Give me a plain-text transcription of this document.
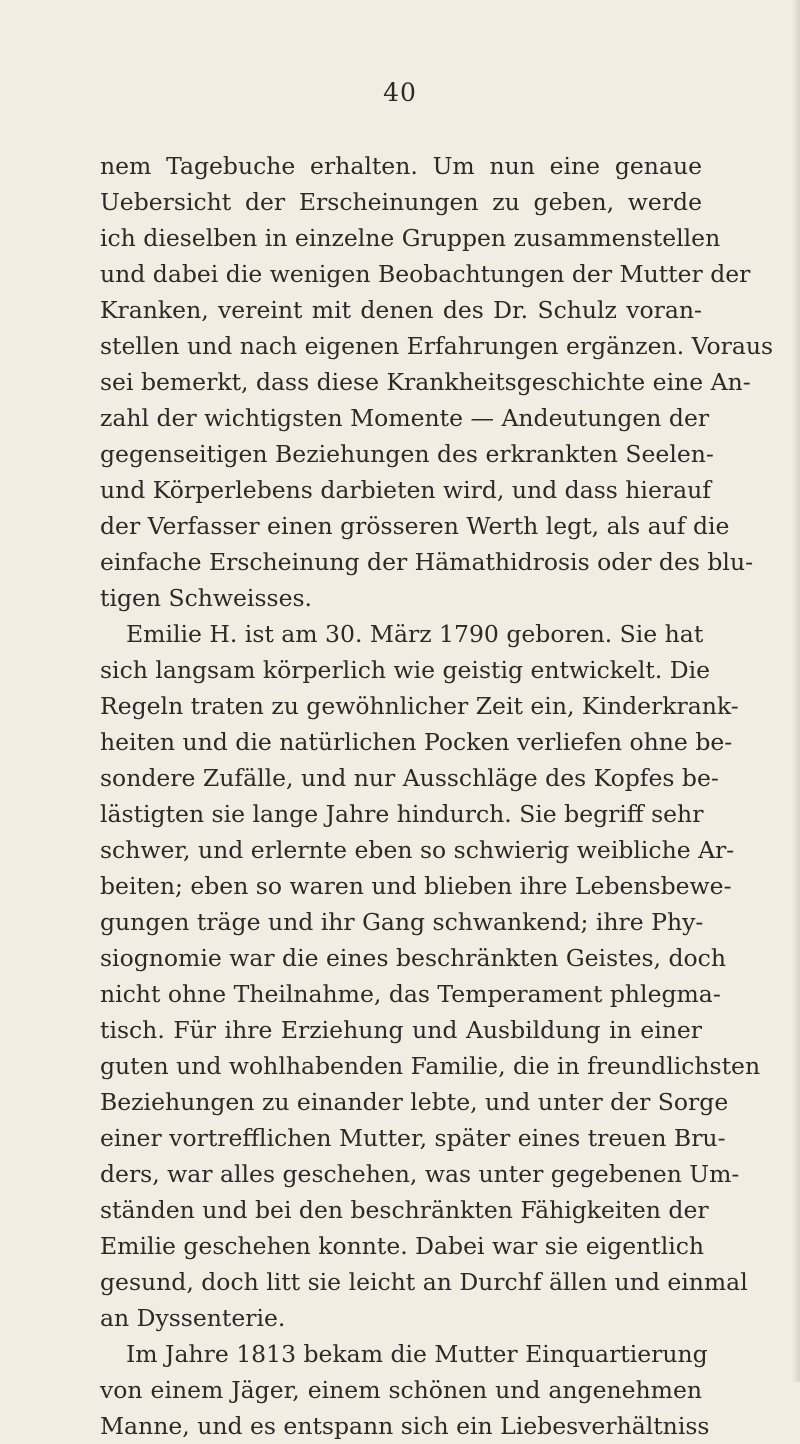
40
nem Tagebuche erhalten. Um nun eine genaue
Uebersicht der Erscheinungen zu geben, werde
ich dieselben in einzelne Gruppen zusammenstellen
und dabei die wenigen Beobachtungen der Mutter der
Kranken, vereint mit denen des Dr. Schulz voran-
stellen und nach eigenen Erfahrungen ergänzen. Voraus
sei bemerkt, dass diese Krankheitsgeschichte eine An-
zahl der wichtigsten Momente — Andeutungen der
gegenseitigen Beziehungen des erkrankten Seelen-
und Körperlebens darbieten wird, und dass hierauf
der Verfasser einen grösseren Werth legt, als auf die
einfache Erscheinung der Hämathidrosis oder des blu-
tigen Schweisses.
Emilie H. ist am 30. März 1790 geboren. Sie hat
sich langsam körperlich wie geistig entwickelt. Die
Regeln traten zu gewöhnlicher Zeit ein, Kinderkrank-
heiten und die natürlichen Pocken verliefen ohne be-
sondere Zufälle, und nur Ausschläge des Kopfes be-
lästigten sie lange Jahre hindurch. Sie begriff sehr
schwer, und erlernte eben so schwierig weibliche Ar-
beiten; eben so waren und blieben ihre Lebensbewe-
gungen träge und ihr Gang schwankend; ihre Phy-
siognomie war die eines beschränkten Geistes, doch
nicht ohne Theilnahme, das Temperament phlegma-
tisch. Für ihre Erziehung und Ausbildung in einer
guten und wohlhabenden Familie, die in freundlichsten
Beziehungen zu einander lebte, und unter der Sorge
einer vortrefflichen Mutter, später eines treuen Bru-
ders, war alles geschehen, was unter gegebenen Um-
ständen und bei den beschränkten Fähigkeiten der
Emilie geschehen konnte. Dabei war sie eigentlich
gesund, doch litt sie leicht an Durchf ällen und einmal
an Dyssenterie.
Im Jahre 1813 bekam die Mutter Einquartierung
von einem Jäger, einem schönen und angenehmen
Manne, und es entspann sich ein Liebesverhältniss
